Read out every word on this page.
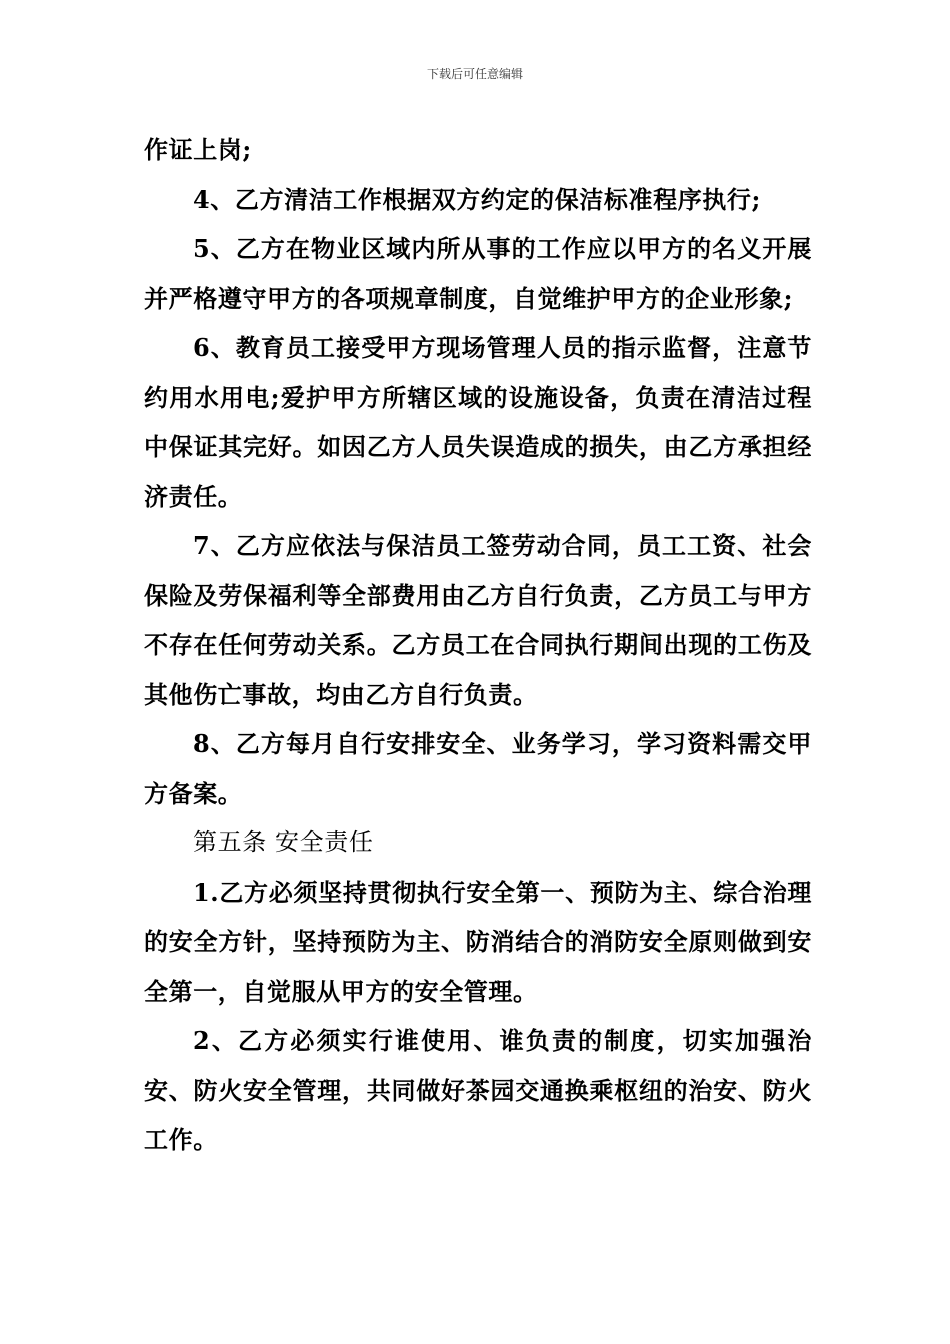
下载后可任意编辑

作证上岗;

4、乙方清洁工作根据双方约定的保洁标准程序执行;

5、乙方在物业区域内所从事的工作应以甲方的名义开展并严格遵守甲方的各项规章制度，自觉维护甲方的企业形象;

6、教育员工接受甲方现场管理人员的指示监督，注意节约用水用电;爱护甲方所辖区域的设施设备，负责在清洁过程中保证其完好。如因乙方人员失误造成的损失，由乙方承担经济责任。

7、乙方应依法与保洁员工签劳动合同，员工工资、社会保险及劳保福利等全部费用由乙方自行负责，乙方员工与甲方不存在任何劳动关系。乙方员工在合同执行期间出现的工伤及其他伤亡事故，均由乙方自行负责。

8、乙方每月自行安排安全、业务学习，学习资料需交甲方备案。

第五条 安全责任

1.乙方必须坚持贯彻执行安全第一、预防为主、综合治理的安全方针，坚持预防为主、防消结合的消防安全原则做到安全第一，自觉服从甲方的安全管理。

2、乙方必须实行谁使用、谁负责的制度，切实加强治安、防火安全管理，共同做好茶园交通换乘枢纽的治安、防火工作。
